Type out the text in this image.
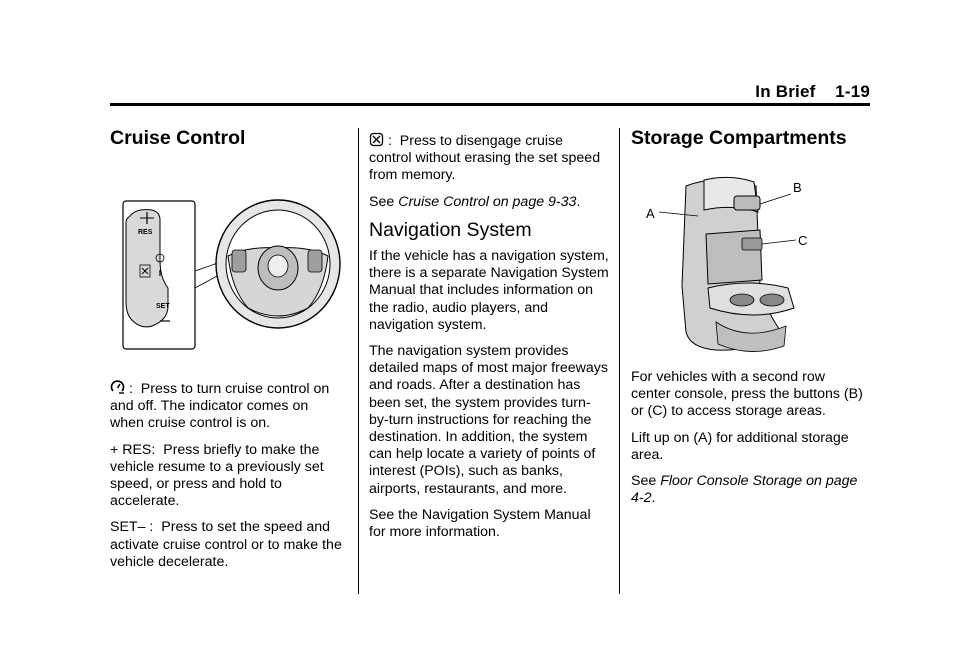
In Brief 1-19
Cruise Control
RES
SET

: Press to turn cruise control on and off. The indicator comes on when cruise control is on.

+ RES: Press briefly to make the vehicle resume to a previously set speed, or press and hold to accelerate.

SET– : Press to set the speed and activate cruise control or to make the vehicle decelerate.

: Press to disengage cruise control without erasing the set speed from memory.

See Cruise Control on page 9-33.

Navigation System

If the vehicle has a navigation system, there is a separate Navigation System Manual that includes information on the radio, audio players, and navigation system.

The navigation system provides detailed maps of most major freeways and roads. After a destination has been set, the system provides turn-by-turn instructions for reaching the destination. In addition, the system can help locate a variety of points of interest (POIs), such as banks, airports, restaurants, and more.

See the Navigation System Manual for more information.

Storage Compartments
A
B
C

For vehicles with a second row center console, press the buttons (B) or (C) to access storage areas.

Lift up on (A) for additional storage area.

See Floor Console Storage on page 4-2.
